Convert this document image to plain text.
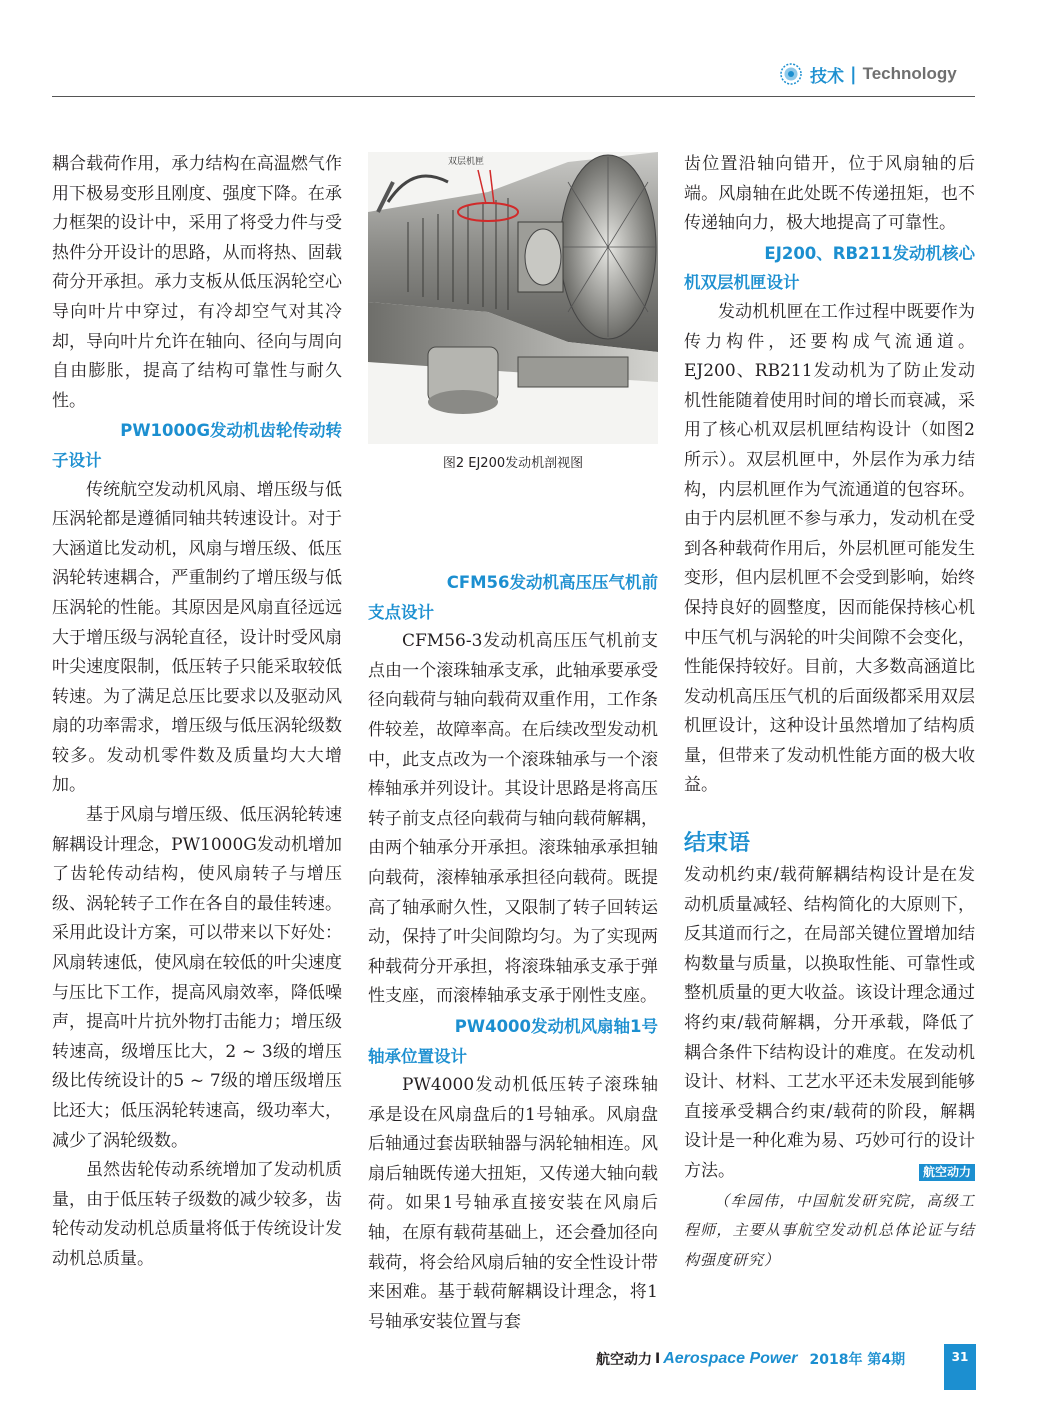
技术 | Technology

耦合载荷作用，承力结构在高温燃气作用下极易变形且刚度、强度下降。在承力框架的设计中，采用了将受力件与受热件分开设计的思路，从而将热、固载荷分开承担。承力支板从低压涡轮空心导向叶片中穿过，有冷却空气对其冷却，导向叶片允许在轴向、径向与周向自由膨胀，提高了结构可靠性与耐久性。

PW1000G发动机齿轮传动转
子设计

传统航空发动机风扇、增压级与低压涡轮都是遵循同轴共转速设计。对于大涵道比发动机，风扇与增压级、低压涡轮转速耦合，严重制约了增压级与低压涡轮的性能。其原因是风扇直径远远大于增压级与涡轮直径，设计时受风扇叶尖速度限制，低压转子只能采取较低转速。为了满足总压比要求以及驱动风扇的功率需求，增压级与低压涡轮级数较多。发动机零件数及质量均大大增加。

基于风扇与增压级、低压涡轮转速解耦设计理念，PW1000G发动机增加了齿轮传动结构，使风扇转子与增压级、涡轮转子工作在各自的最佳转速。采用此设计方案，可以带来以下好处：风扇转速低，使风扇在较低的叶尖速度与压比下工作，提高风扇效率，降低噪声，提高叶片抗外物打击能力；增压级转速高，级增压比大，2 ~ 3级的增压级比传统设计的5 ~ 7级的增压级增压比还大；低压涡轮转速高，级功率大，减少了涡轮级数。

虽然齿轮传动系统增加了发动机质量，由于低压转子级数的减少较多，齿轮传动发动机总质量将低于传统设计发动机总质量。

双层机匣
图2 EJ200发动机剖视图
CFM56发动机高压压气机前
支点设计

CFM56-3发动机高压压气机前支点由一个滚珠轴承支承，此轴承要承受径向载荷与轴向载荷双重作用，工作条件较差，故障率高。在后续改型发动机中，此支点改为一个滚珠轴承与一个滚棒轴承并列设计。其设计思路是将高压转子前支点径向载荷与轴向载荷解耦，由两个轴承分开承担。滚珠轴承承担轴向载荷，滚棒轴承承担径向载荷。既提高了轴承耐久性，又限制了转子回转运动，保持了叶尖间隙均匀。为了实现两种载荷分开承担，将滚珠轴承支承于弹性支座，而滚棒轴承支承于刚性支座。

PW4000发动机风扇轴1号
轴承位置设计

PW4000发动机低压转子滚珠轴承是设在风扇盘后的1号轴承。风扇盘后轴通过套齿联轴器与涡轮轴相连。风扇后轴既传递大扭矩，又传递大轴向载荷。如果1号轴承直接安装在风扇后轴，在原有载荷基础上，还会叠加径向载荷，将会给风扇后轴的安全性设计带来困难。基于载荷解耦设计理念，将1号轴承安装位置与套

齿位置沿轴向错开，位于风扇轴的后端。风扇轴在此处既不传递扭矩，也不传递轴向力，极大地提高了可靠性。

EJ200、RB211发动机核心
机双层机匣设计

发动机机匣在工作过程中既要作为传力构件，还要构成气流通道。EJ200、RB211发动机为了防止发动机性能随着使用时间的增长而衰减，采用了核心机双层机匣结构设计（如图2所示）。双层机匣中，外层作为承力结构，内层机匣作为气流通道的包容环。由于内层机匣不参与承力，发动机在受到各种载荷作用后，外层机匣可能发生变形，但内层机匣不会受到影响，始终保持良好的圆整度，因而能保持核心机中压气机与涡轮的叶尖间隙不会变化，性能保持较好。目前，大多数高涵道比发动机高压压气机的后面级都采用双层机匣设计，这种设计虽然增加了结构质量，但带来了发动机性能方面的极大收益。

结束语

发动机约束/载荷解耦结构设计是在发动机质量减轻、结构简化的大原则下，反其道而行之，在局部关键位置增加结构数量与质量，以换取性能、可靠性或整机质量的更大收益。该设计理念通过将约束/载荷解耦，分开承载，降低了耦合条件下结构设计的难度。在发动机设计、材料、工艺水平还未发展到能够直接承受耦合约束/载荷的阶段，解耦设计是一种化难为易、巧妙可行的设计方法。	航空动力

（牟园伟，中国航发研究院，高级工程师，主要从事航空发动机总体论证与结构强度研究）

航空动力 I Aerospace Power 2018年 第4期	31
